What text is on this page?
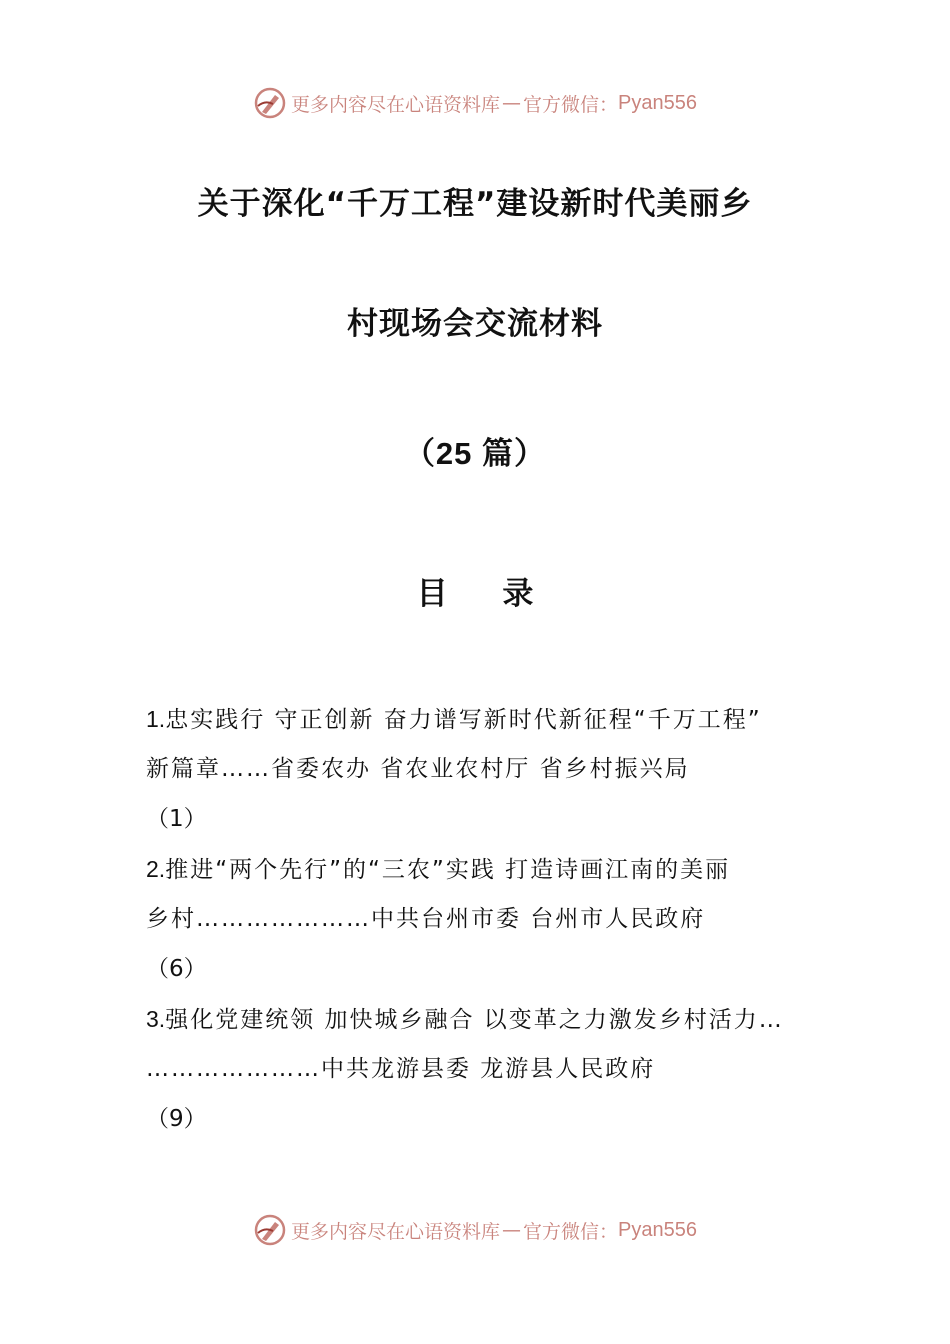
更多内容尽在心语资料库 — 官方微信： Pyan556
关于深化“千万工程”建设新时代美丽乡
村现场会交流材料
（25 篇）
目 录
1.忠实践行 守正创新 奋力谱写新时代新征程“千万工程”
新篇章……省委农办 省农业农村厅 省乡村振兴局
（1）
2.推进“两个先行”的“三农”实践 打造诗画江南的美丽
乡村…………………中共台州市委 台州市人民政府
（6）
3.强化党建统领 加快城乡融合 以变革之力激发乡村活力…
…………………中共龙游县委 龙游县人民政府
（9）
更多内容尽在心语资料库 — 官方微信： Pyan556
